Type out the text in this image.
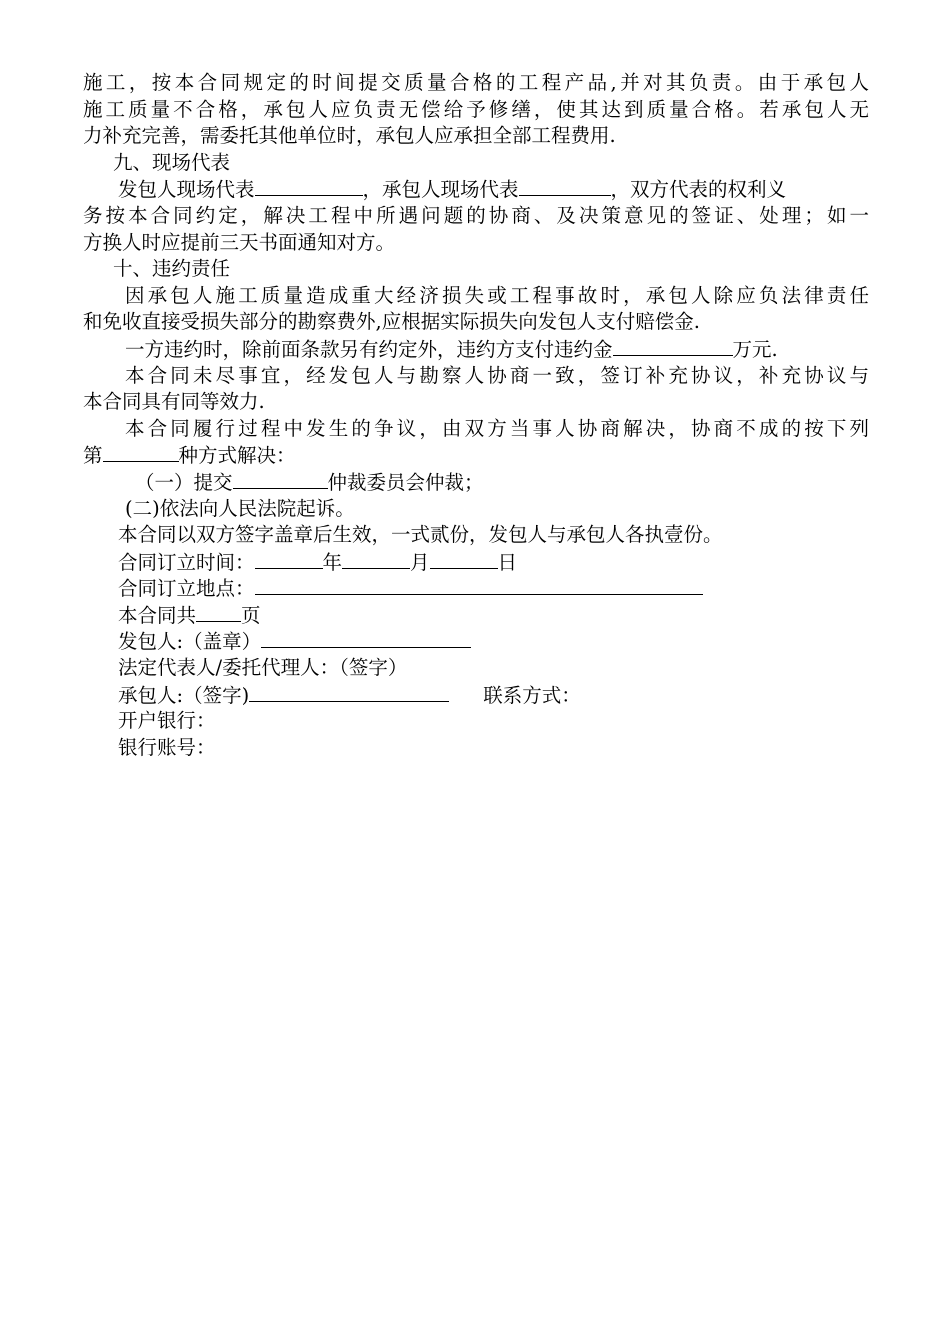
施工，按本合同规定的时间提交质量合格的工程产品,并对其负责。由于承包人
施工质量不合格，承包人应负责无偿给予修缮，使其达到质量合格。若承包人无
力补充完善，需委托其他单位时，承包人应承担全部工程费用.
九、现场代表
发包人现场代表	，承包人现场代表	，双方代表的权利义
务按本合同约定，解决工程中所遇问题的协商、及决策意见的签证、处理；如一
方换人时应提前三天书面通知对方。
十、违约责任
因承包人施工质量造成重大经济损失或工程事故时，承包人除应负法律责任
和免收直接受损失部分的勘察费外,应根据实际损失向发包人支付赔偿金.
一方违约时，除前面条款另有约定外，违约方支付违约金	万元.
本合同未尽事宜，经发包人与勘察人协商一致，签订补充协议，补充协议与
本合同具有同等效力.
本合同履行过程中发生的争议，由双方当事人协商解决，协商不成的按下列
第	种方式解决：
（一）提交	仲裁委员会仲裁；
(二)依法向人民法院起诉。
本合同以双方签字盖章后生效，一式贰份，发包人与承包人各执壹份。
合同订立时间：	年	月	日
合同订立地点：
本合同共 页
发包人:（盖章）
法定代表人/委托代理人：（签字）
承包人:（签字)	联系方式：
开户银行：
银行账号：
